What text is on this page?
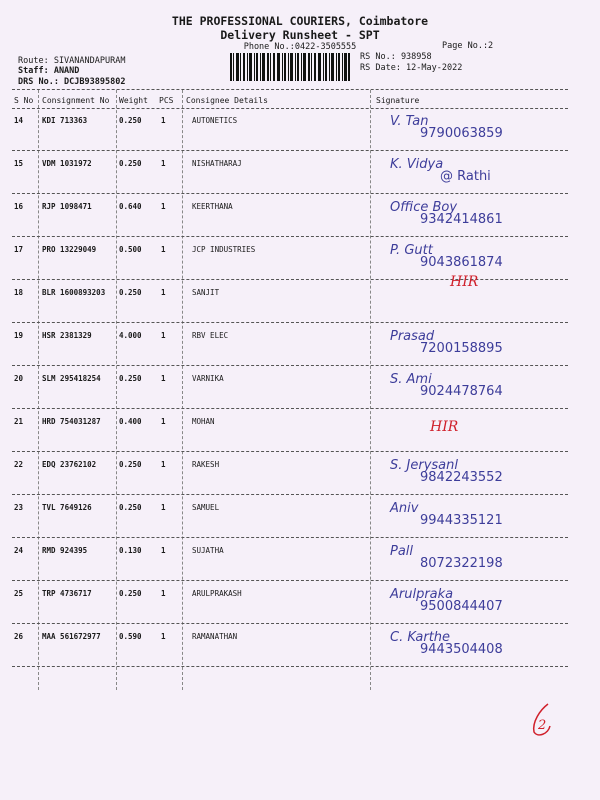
THE PROFESSIONAL COURIERS, Coimbatore
Delivery Runsheet - SPT
Phone No.:0422-3505555	Page No.:2
Route: SIVANANDAPURAM
Staff: ANAND
DRS No.: DCJB93895802
RS No.: 938958
RS Date: 12-May-2022
S No Consignment No Weight PCS Consignee Details	Signature
14	KDI 713363	0.250	1	AUTONETICS	V. Tan
9790063859
15	VDM 1031972	0.250	1	NISHATHARAJ	K. Vidya
@ Rathi
16	RJP 1098471	0.640	1	KEERTHANA	Office Boy
9342414861
17	PRO 13229049	0.500	1	JCP INDUSTRIES	P. Gutt
9043861874
18	BLR 1600893203 0.250	1	SANJIT
HIR
19	HSR 2381329	4.000	1	RBV ELEC	Prasad
7200158895
20	SLM 295418254 0.250	1	VARNIKA	S. Ami
9024478764
21	HRD 754031287 0.400	1	MOHAN	HIR
22	EDQ 23762102	0.250	1	RAKESH	S. Jerysanl
9842243552
23	TVL 7649126	0.250	1	SAMUEL	Aniv
9944335121
24	RMD 924395	0.130	1	SUJATHA	Pall
8072322198
25	TRP 4736717	0.250	1	ARULPRAKASH	Arulpraka
9500844407
26	MAA 561672977 0.590	1	RAMANATHAN	C. Karthe
9443504408
2
